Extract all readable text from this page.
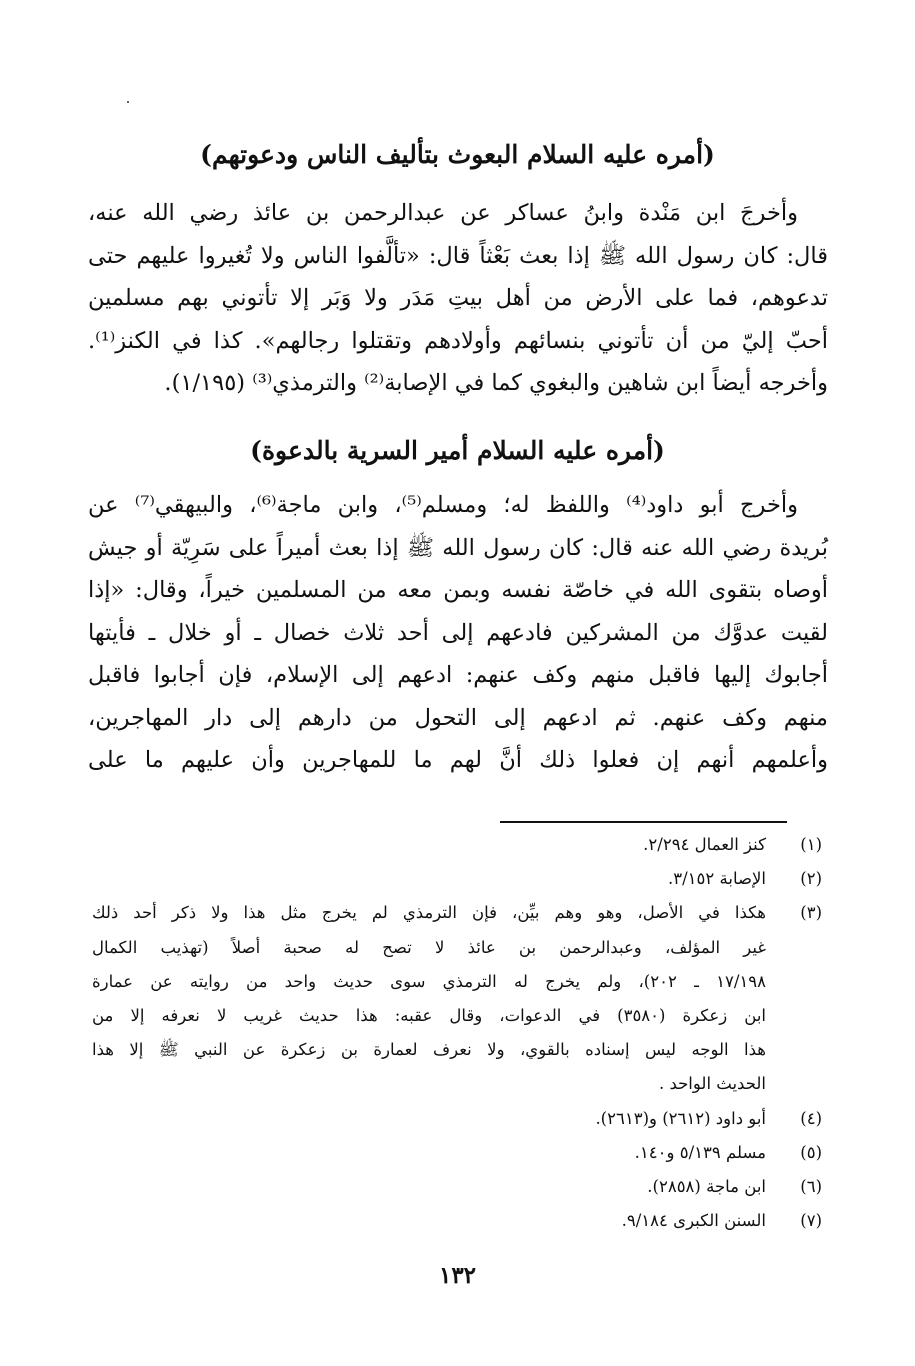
(أمره عليه السلام البعوث بتأليف الناس ودعوتهم)

وأخرجَ ابن مَنْدة وابنُ عساكر عن عبدالرحمن بن عائذ رضي الله عنه،
قال: كان رسول الله ﷺ إذا بعث بَعْثاً قال: «تألَّفوا الناس ولا تُغيروا عليهم حتى
تدعوهم، فما على الأرض من أهل بيتِ مَدَر ولا وَبَر إلا تأتوني بهم مسلمين
أحبّ إليّ من أن تأتوني بنسائهم وأولادهم وتقتلوا رجالهم». كذا في الكنز⁽¹⁾.
وأخرجه أيضاً ابن شاهين والبغوي كما في الإصابة⁽²⁾ والترمذي⁽³⁾ (١/١٩٥).

(أمره عليه السلام أمير السرية بالدعوة)

وأخرج أبو داود⁽⁴⁾ واللفظ له؛ ومسلم⁽⁵⁾، وابن ماجة⁽⁶⁾، والبيهقي⁽⁷⁾ عن
بُريدة رضي الله عنه قال: كان رسول الله ﷺ إذا بعث أميراً على سَرِيّة أو جيش
أوصاه بتقوى الله في خاصّة نفسه وبمن معه من المسلمين خيراً، وقال: «إذا
لقيت عدوَّك من المشركين فادعهم إلى أحد ثلاث خصال ـ أو خلال ـ فأيتها
أجابوك إليها فاقبل منهم وكف عنهم: ادعهم إلى الإسلام، فإن أجابوا فاقبل
منهم وكف عنهم. ثم ادعهم إلى التحول من دارهم إلى دار المهاجرين،
وأعلمهم أنهم إن فعلوا ذلك أنَّ لهم ما للمهاجرين وأن عليهم ما على

(١)
كنز العمال ٢/٢٩٤.
(٢)
الإصابة ٣/١٥٢.
(٣)
هكذا في الأصل، وهو وهم بيِّن، فإن الترمذي لم يخرج مثل هذا ولا ذكر أحد ذلك
غير المؤلف، وعبدالرحمن بن عائذ لا تصح له صحبة أصلاً (تهذيب الكمال
١٧/١٩٨ ـ ٢٠٢)، ولم يخرج له الترمذي سوى حديث واحد من روايته عن عمارة
ابن زعكرة (٣٥٨٠) في الدعوات، وقال عقبه: هذا حديث غريب لا نعرفه إلا من
هذا الوجه ليس إسناده بالقوي، ولا نعرف لعمارة بن زعكرة عن النبي ﷺ إلا هذا
الحديث الواحد .
(٤)
أبو داود (٢٦١٢) و(٢٦١٣).
(٥)
مسلم ٥/١٣٩ و١٤٠.
(٦)
ابن ماجة (٢٨٥٨).
(٧)
السنن الكبرى ٩/١٨٤.
١٣٢
